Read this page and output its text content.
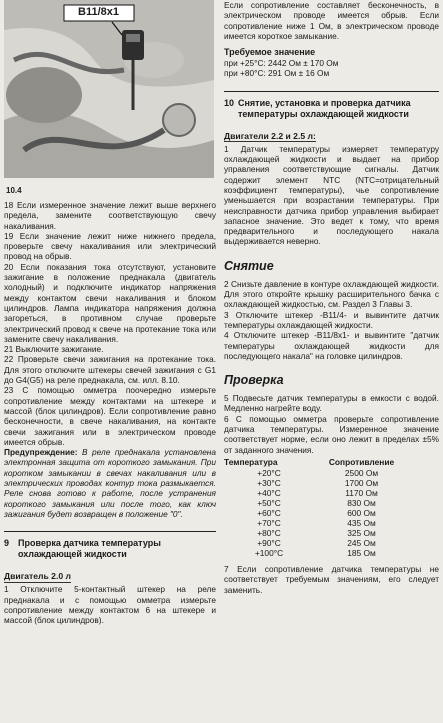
B11/8x1
10.4

18 Если измеренное значение лежит выше верхнего предела, замените соответствующую свечу накаливания.

19 Если значение лежит ниже нижнего предела, проверьте свечу накаливания или электрический провод на обрыв.

20 Если показания тока отсутствуют, установите зажигание в положение преднакала (двигатель холодный) и подключите индикатор напряжения между контактом свечи накаливания и блоком цилиндров. Лампа индикатора напряжения должна загореться, в противном случае проверьте электрический провод к свече на протекание тока или замените свечу накаливания.

21 Выключите зажигание.

22 Проверьте свечи зажигания на протекание тока. Для этого отключите штекеры свечей зажигания с G1 до G4(G5) на реле преднакала, см. илл. 8.10.

23 С помощью омметра поочередно измерьте сопротивление между контактами на штекере и массой (блок цилиндров). Если сопротивление равно бесконечности, в свече накаливания, на контакте свечи зажигания или в электрическом проводе имеется обрыв.

Предупреждение: В реле преднакала установлена электронная защита от короткого замыкания. При коротком замыкании в свечах накаливания или в электрических проводах контур тока размыкается. Реле снова готово к работе, после устранения короткого замыкания или после того, как ключ зажигания будет возвращен в положение "0".

9 Проверка датчика температуры охлаждающей жидкости
Двигатель 2.0 л

1 Отключите 5-контактный штекер на реле преднакала и с помощью омметра измерьте сопротивление между контактом 6 на штекере и массой (блок цилиндров).

Если сопротивление составляет бесконечность, в электрическом проводе имеется обрыв. Если сопротивление ниже 1 Ом, в электрическом проводе имеется короткое замыкание.

Требуемое значение

при +25°С: 2442 Ом ± 170 Ом

при +80°С: 291 Ом ± 16 Ом

10 Снятие, установка и проверка датчика температуры охлаждающей жидкости
Двигатели 2.2 и 2.5 л:

1 Датчик температуры измеряет температуру охлаждающей жидкости и выдает на прибор управления соответствующие сигналы. Датчик содержит элемент NTC (NTC=отрицательный коэффициент температуры), чье сопротивление уменьшается при возрастании температуры. При неисправности датчика прибор управления выбирает запасное значение. Это ведет к тому, что время предварительного и последующего накала выдерживается неверно.

Снятие

2 Снизьте давление в контуре охлаждающей жидкости. Для этого откройте крышку расширительного бачка с охлаждающей жидкостью, см. Раздел 3 Главы 3.

3 Отключите штекер -B11/4- и вывинтите датчик температуры охлаждающей жидкости.

4 Отключите штекер -B11/8x1- и вывинтите "датчик температуры охлаждающей жидкости для последующего накала" на головке цилиндров.

Проверка

5 Подвесьте датчик температуры в емкости с водой. Медленно нагрейте воду.

6 С помощью омметра проверьте сопротивление датчика температуры. Измеренное значение соответствует норме, если оно лежит в пределах ±5% от заданного значения.

Температура	Сопротивление
+20°С	2500 Ом
+30°С	1700 Ом
+40°С	1170 Ом
+50°С	830 Ом
+60°С	600 Ом
+70°С	435 Ом
+80°С	325 Ом
+90°С	245 Ом
+100°С	185 Ом

7 Если сопротивление датчика температуры не соответствует требуемым значениям, его следует заменить.
